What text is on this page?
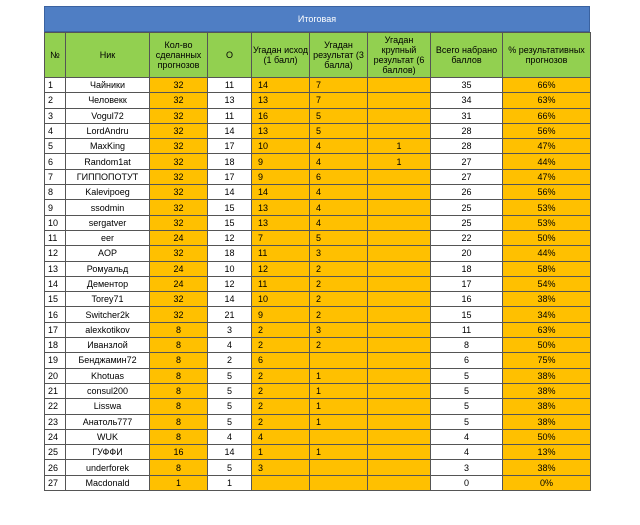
Итоговая
№	Ник	Кол-во сделанных прогнозов	О	Угадан исход (1 балл)	Угадан результат (3 балла)	Угадан крупный результат (6 баллов)	Всего набрано баллов	% результативных прогнозов
1	Чайники	32	11	14	7		35	66%
2	Человекк	32	13	13	7		34	63%
3	Vogul72	32	11	16	5		31	66%
4	LordAndru	32	14	13	5		28	56%
5	MaxKing	32	17	10	4	1	28	47%
6	Random1at	32	18	9	4	1	27	44%
7	ГИППОПОТУТ	32	17	9	6		27	47%
8	Kalevipoeg	32	14	14	4		26	56%
9	ssodmin	32	15	13	4		25	53%
10	sergatver	32	15	13	4		25	53%
11	eer	24	12	7	5		22	50%
12	AOP	32	18	11	3		20	44%
13	Ромуальд	24	10	12	2		18	58%
14	Дементор	24	12	11	2		17	54%
15	Torey71	32	14	10	2		16	38%
16	Switcher2k	32	21	9	2		15	34%
17	alexkotikov	8	3	2	3		11	63%
18	Иванзлой	8	4	2	2		8	50%
19	Бенджамин72	8	2	6			6	75%
20	Khotuas	8	5	2	1		5	38%
21	consul200	8	5	2	1		5	38%
22	Lisswa	8	5	2	1		5	38%
23	Анатоль777	8	5	2	1		5	38%
24	WUK	8	4	4			4	50%
25	ГУФФИ	16	14	1	1		4	13%
26	underforek	8	5	3			3	38%
27	Macdonald	1	1				0	0%
